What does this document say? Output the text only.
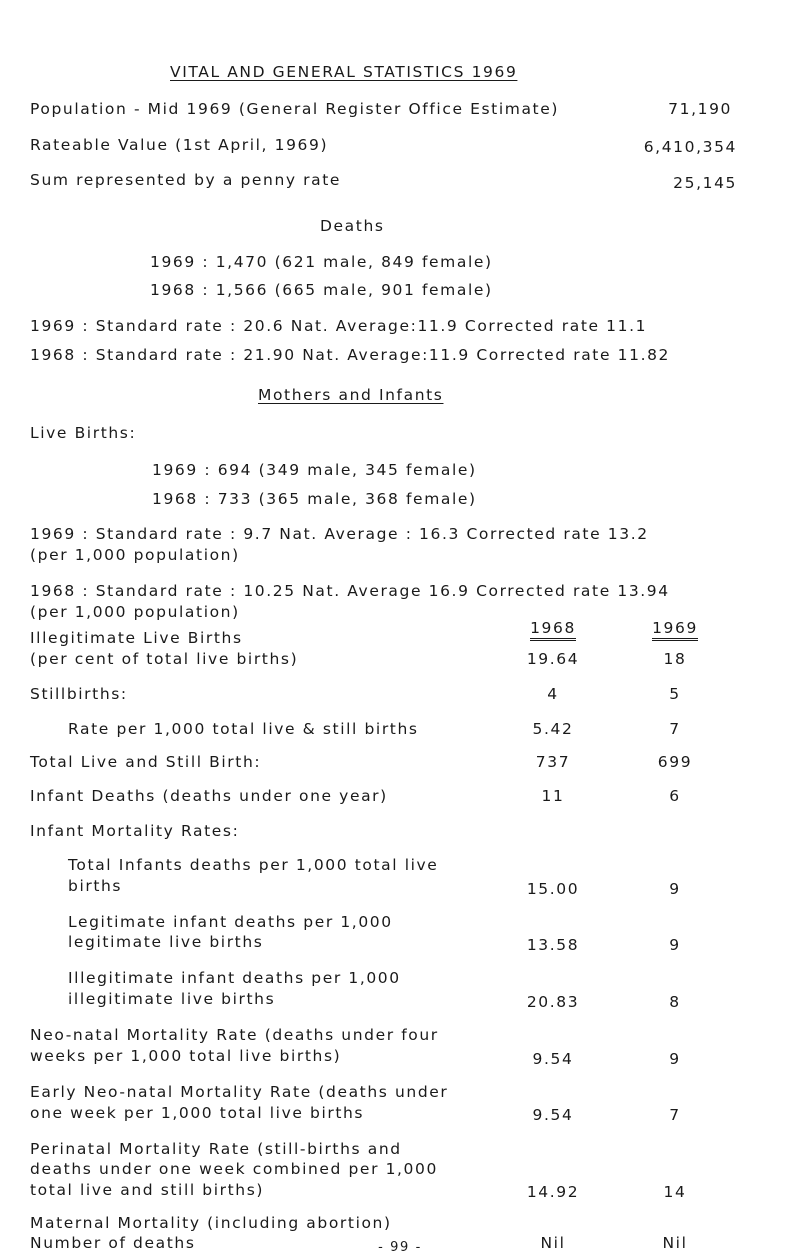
VITAL AND GENERAL STATISTICS 1969
Population - Mid 1969 (General Register Office Estimate)	71,190
Rateable Value (1st April, 1969)	6,410,354
Sum represented by a penny rate	25,145
Deaths
1969 : 1,470 (621 male, 849 female)
1968 : 1,566 (665 male, 901 female)
1969 : Standard rate : 20.6 Nat. Average:11.9 Corrected rate 11.1
1968 : Standard rate : 21.90 Nat. Average:11.9 Corrected rate 11.82
Mothers and Infants
Live Births:
1969 : 694 (349 male, 345 female)
1968 : 733 (365 male, 368 female)
1969 : Standard rate : 9.7 Nat. Average : 16.3 Corrected rate 13.2
(per 1,000 population)
1968 : Standard rate : 10.25 Nat. Average 16.9 Corrected rate 13.94
(per 1,000 population)
1968	1969
Illegitimate Live Births
(per cent of total live births)	19.64	18
Stillbirths:	4	5
Rate per 1,000 total live & still births	5.42	7
Total Live and Still Birth:	737	699
Infant Deaths (deaths under one year)	11	6
Infant Mortality Rates:
Total Infants deaths per 1,000 total live
births	15.00	9
Legitimate infant deaths per 1,000
legitimate live births	13.58	9
Illegitimate infant deaths per 1,000
illegitimate live births	20.83	8
Neo-natal Mortality Rate (deaths under four
weeks per 1,000 total live births)	9.54	9
Early Neo-natal Mortality Rate (deaths under
one week per 1,000 total live births	9.54	7
Perinatal Mortality Rate (still-births and
deaths under one week combined per 1,000
total live and still births)	14.92	14
Maternal Mortality (including abortion)
Number of deaths	Nil	Nil
- 99 -
